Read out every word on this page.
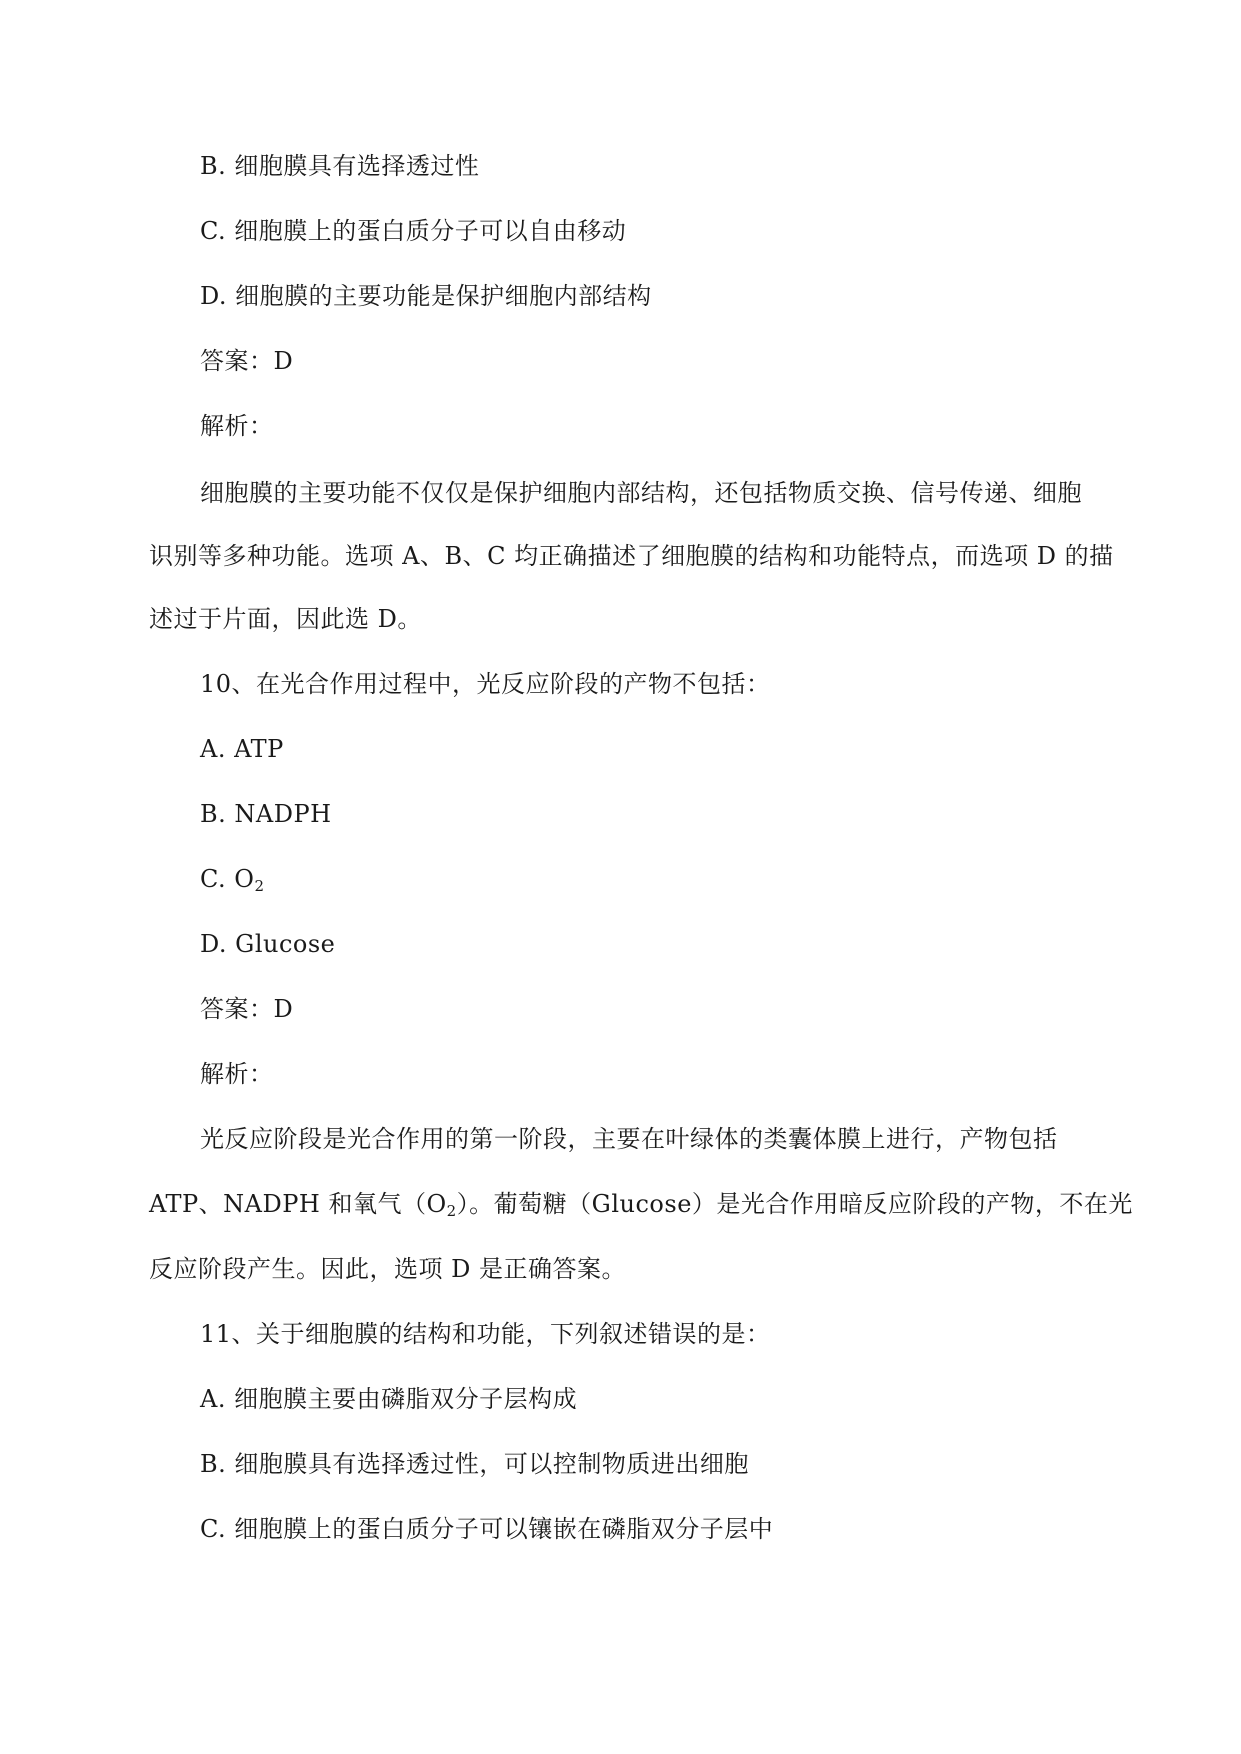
B. 细胞膜具有选择透过性
C. 细胞膜上的蛋白质分子可以自由移动
D. 细胞膜的主要功能是保护细胞内部结构
答案：D
解析：
细胞膜的主要功能不仅仅是保护细胞内部结构，还包括物质交换、信号传递、细胞
识别等多种功能。选项 A、B、C 均正确描述了细胞膜的结构和功能特点，而选项 D 的描
述过于片面，因此选 D。
10、在光合作用过程中，光反应阶段的产物不包括：
A. ATP
B. NADPH
C. $O_2$
D. Glucose
答案：D
解析：
光反应阶段是光合作用的第一阶段，主要在叶绿体的类囊体膜上进行，产物包括
ATP、NADPH 和氧气$(O_2)$。葡萄糖（Glucose）是光合作用暗反应阶段的产物，不在光
反应阶段产生。因此，选项 D 是正确答案。
11、关于细胞膜的结构和功能，下列叙述错误的是：
A. 细胞膜主要由磷脂双分子层构成
B. 细胞膜具有选择透过性，可以控制物质进出细胞
C. 细胞膜上的蛋白质分子可以镶嵌在磷脂双分子层中
